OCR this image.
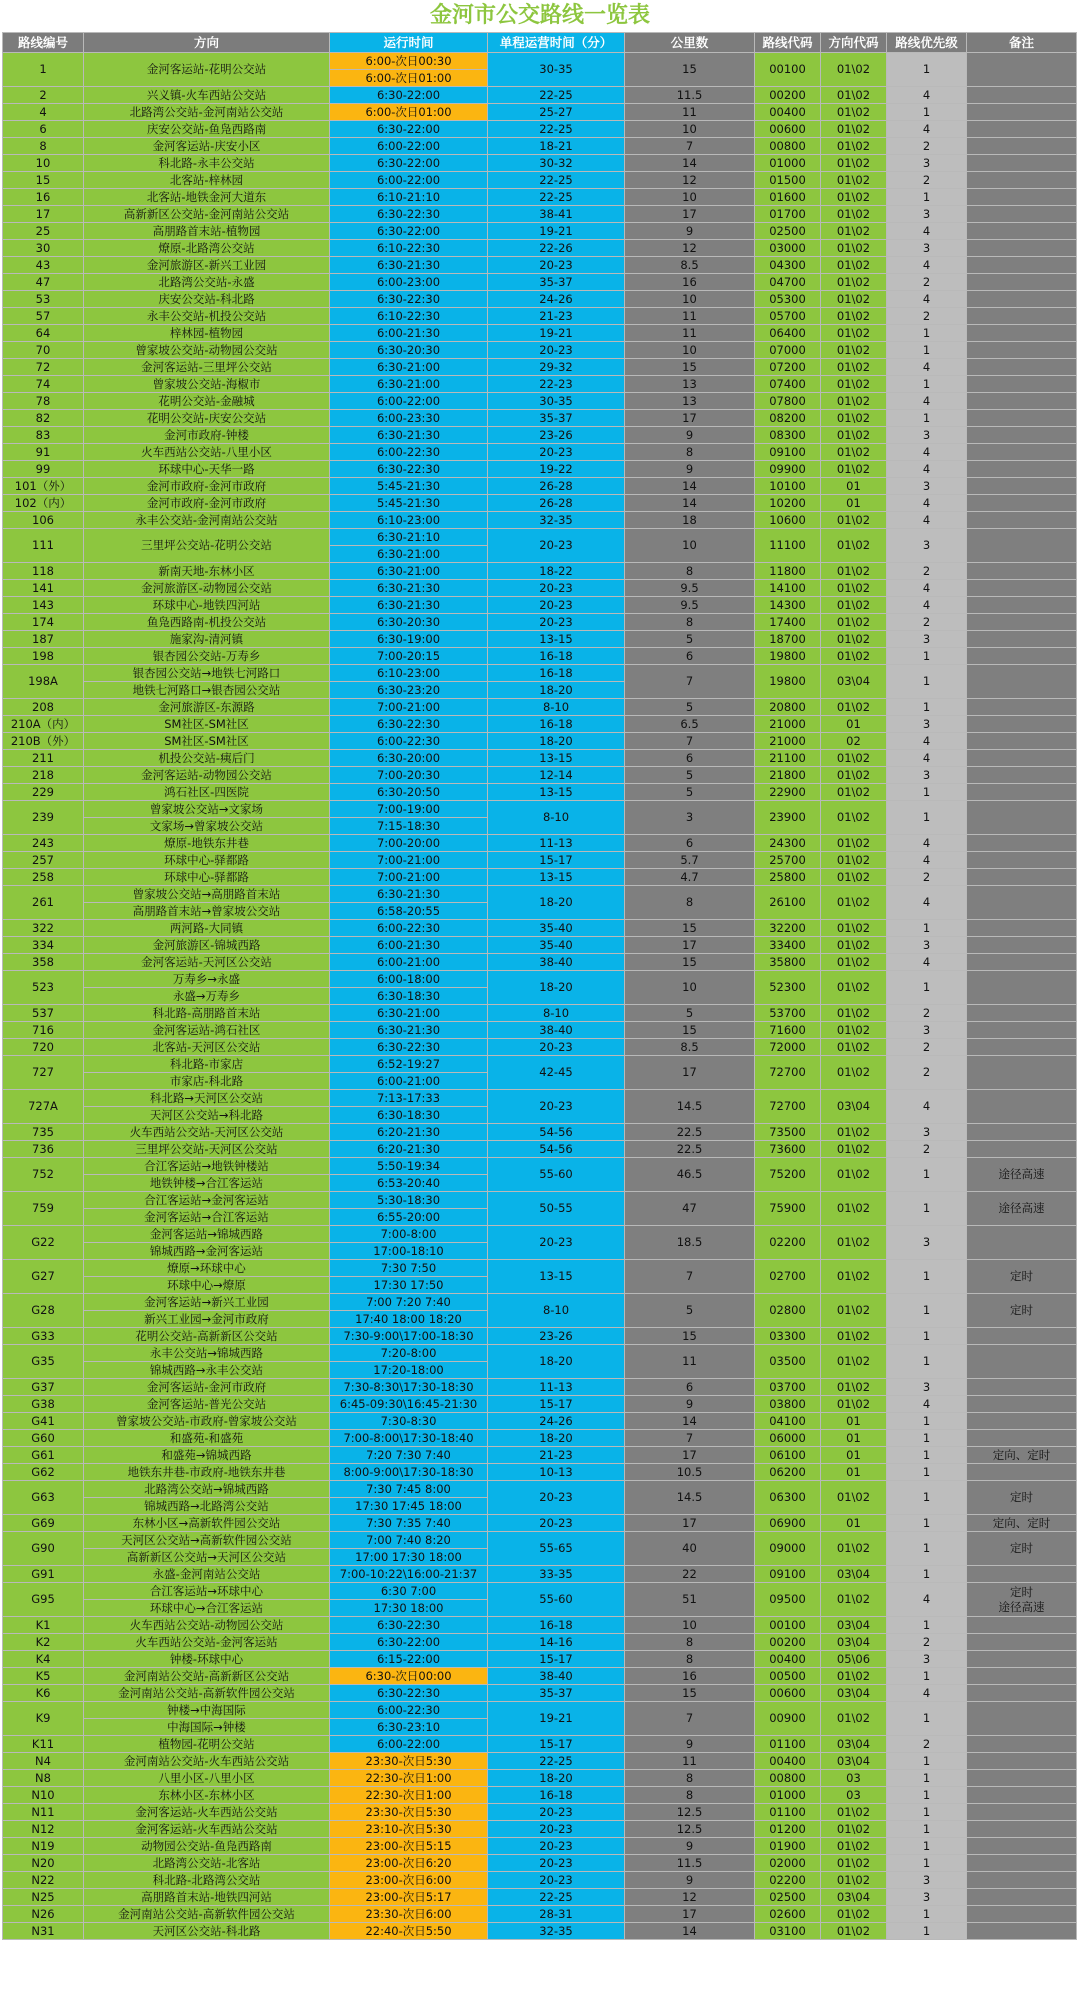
金河市公交路线一览表
路线编号	方向	运行时间	单程运营时间（分）	公里数	路线代码	方向代码	路线优先级	备注
1	金河客运站-花明公交站	6:00-次日00:30	30-35	15	00100	01\02	1	
		6:00-次日01:00						
2	兴义镇-火车西站公交站	6:30-22:00	22-25	11.5	00200	01\02	4	
4	北路湾公交站-金河南站公交站	6:00-次日01:00	25-27	11	00400	01\02	1	
6	庆安公交站-鱼凫西路南	6:30-22:00	22-25	10	00600	01\02	4	
8	金河客运站-庆安小区	6:00-22:00	18-21	7	00800	01\02	2	
10	科北路-永丰公交站	6:30-22:00	30-32	14	01000	01\02	3	
15	北客站-梓林园	6:00-22:00	22-25	12	01500	01\02	2	
16	北客站-地铁金河大道东	6:10-21:10	22-25	10	01600	01\02	1	
17	高新新区公交站-金河南站公交站	6:30-22:30	38-41	17	01700	01\02	3	
25	高朋路首末站-植物园	6:30-22:00	19-21	9	02500	01\02	4	
30	燎原-北路湾公交站	6:10-22:30	22-26	12	03000	01\02	3	
43	金河旅游区-新兴工业园	6:30-21:30	20-23	8.5	04300	01\02	4	
47	北路湾公交站-永盛	6:00-23:00	35-37	16	04700	01\02	2	
53	庆安公交站-科北路	6:30-22:30	24-26	10	05300	01\02	4	
57	永丰公交站-机投公交站	6:10-22:30	21-23	11	05700	01\02	2	
64	梓林园-植物园	6:00-21:30	19-21	11	06400	01\02	1	
70	曾家坡公交站-动物园公交站	6:30-20:30	20-23	10	07000	01\02	1	
72	金河客运站-三里坪公交站	6:30-21:00	29-32	15	07200	01\02	4	
74	曾家坡公交站-海椒市	6:30-21:00	22-23	13	07400	01\02	1	
78	花明公交站-金融城	6:00-22:00	30-35	13	07800	01\02	4	
82	花明公交站-庆安公交站	6:00-23:30	35-37	17	08200	01\02	1	
83	金河市政府-钟楼	6:30-21:30	23-26	9	08300	01\02	3	
91	火车西站公交站-八里小区	6:00-22:30	20-23	8	09100	01\02	4	
99	环球中心-天华一路	6:30-22:30	19-22	9	09900	01\02	4	
101（外）	金河市政府-金河市政府	5:45-21:30	26-28	14	10100	01	3	
102（内）	金河市政府-金河市政府	5:45-21:30	26-28	14	10200	01	4	
106	永丰公交站-金河南站公交站	6:10-23:00	32-35	18	10600	01\02	4	
111	三里坪公交站-花明公交站	6:30-21:10	20-23	10	11100	01\02	3	
		6:30-21:00						
118	新南天地-东林小区	6:30-21:00	18-22	8	11800	01\02	2	
141	金河旅游区-动物园公交站	6:30-21:30	20-23	9.5	14100	01\02	4	
143	环球中心-地铁四河站	6:30-21:30	20-23	9.5	14300	01\02	4	
174	鱼凫西路南-机投公交站	6:30-20:30	20-23	8	17400	01\02	2	
187	施家沟-清河镇	6:30-19:00	13-15	5	18700	01\02	3	
198	银杏园公交站-万寿乡	7:00-20:15	16-18	6	19800	01\02	1	
198A	银杏园公交站→地铁七河路口	6:10-23:00	16-18	7	19800	03\04	1	
	地铁七河路口→银杏园公交站	6:30-23:20	18-20					
208	金河旅游区-东源路	7:00-21:00	8-10	5	20800	01\02	1	
210A（内）	SM社区-SM社区	6:30-22:30	16-18	6.5	21000	01	3	
210B（外）	SM社区-SM社区	6:00-22:30	18-20	7	21000	02	4	
211	机投公交站-痍后门	6:30-20:00	13-15	6	21100	01\02	4	
218	金河客运站-动物园公交站	7:00-20:30	12-14	5	21800	01\02	3	
229	鸿石社区-四医院	6:30-20:50	13-15	5	22900	01\02	1	
239	曾家坡公交站→文家场	7:00-19:00	8-10	3	23900	01\02	1	
	文家场→曾家坡公交站	7:15-18:30						
243	燎原-地铁东井巷	7:00-20:00	11-13	6	24300	01\02	4	
257	环球中心-驿都路	7:00-21:00	15-17	5.7	25700	01\02	4	
258	环球中心-驿都路	7:00-21:00	13-15	4.7	25800	01\02	2	
261	曾家坡公交站→高朋路首末站	6:30-21:30	18-20	8	26100	01\02	4	
	高朋路首末站→曾家坡公交站	6:58-20:55						
322	两河路-大同镇	6:00-22:30	35-40	15	32200	01\02	1	
334	金河旅游区-锦城西路	6:00-21:30	35-40	17	33400	01\02	3	
358	金河客运站-天河区公交站	6:00-21:00	38-40	15	35800	01\02	4	
523	万寿乡→永盛	6:00-18:00	18-20	10	52300	01\02	1	
	永盛→万寿乡	6:30-18:30						
537	科北路-高朋路首末站	6:30-21:00	8-10	5	53700	01\02	2	
716	金河客运站-鸿石社区	6:30-21:30	38-40	15	71600	01\02	3	
720	北客站-天河区公交站	6:30-22:30	20-23	8.5	72000	01\02	2	
727	科北路-市家店	6:52-19:27	42-45	17	72700	01\02	2	
	市家店-科北路	6:00-21:00						
727A	科北路→天河区公交站	7:13-17:33	20-23	14.5	72700	03\04	4	
	天河区公交站→科北路	6:30-18:30						
735	火车西站公交站-天河区公交站	6:20-21:30	54-56	22.5	73500	01\02	3	
736	三里坪公交站-天河区公交站	6:20-21:30	54-56	22.5	73600	01\02	2	
752	合江客运站→地铁钟楼站	5:50-19:34	55-60	46.5	75200	01\02	1	途径高速

	地铁钟楼→合江客运站	6:53-20:40						
759	合江客运站→金河客运站	5:30-18:30	50-55	47	75900	01\02	1	途径高速

	金河客运站→合江客运站	6:55-20:00						
G22	金河客运站→锦城西路	7:00-8:00	20-23	18.5	02200	01\02	3	
	锦城西路→金河客运站	17:00-18:10						
G27	燎原→环球中心	7:30 7:50	13-15	7	02700	01\02	1	定时

	环球中心→燎原	17:30 17:50						
G28	金河客运站→新兴工业园	7:00 7:20 7:40	8-10	5	02800	01\02	1	定时

	新兴工业园→金河市政府	17:40 18:00 18:20						
G33	花明公交站-高新新区公交站	7:30-9:00\17:00-18:30	23-26	15	03300	01\02	1	
G35	永丰公交站→锦城西路	7:20-8:00	18-20	11	03500	01\02	1	
	锦城西路→永丰公交站	17:20-18:00						
G37	金河客运站-金河市政府	7:30-8:30\17:30-18:30	11-13	6	03700	01\02	3	
G38	金河客运站-普光公交站	6:45-09:30\16:45-21:30	15-17	9	03800	01\02	4	
G41	曾家坡公交站-市政府-曾家坡公交站	7:30-8:30	24-26	14	04100	01	1	
G60	和盛苑-和盛苑	7:00-8:00\17:30-18:40	18-20	7	06000	01	1	
G61	和盛苑→锦城西路	7:20 7:30 7:40	21-23	17	06100	01	1	定向、定时

G62	地铁东井巷-市政府-地铁东井巷	8:00-9:00\17:30-18:30	10-13	10.5	06200	01	1	
G63	北路湾公交站→锦城西路	7:30 7:45 8:00	20-23	14.5	06300	01\02	1	定时

	锦城西路→北路湾公交站	17:30 17:45 18:00						
G69	东林小区→高新软件园公交站	7:30 7:35 7:40	20-23	17	06900	01	1	定向、定时

G90	天河区公交站→高新软件园公交站	7:00 7:40 8:20	55-65	40	09000	01\02	1	定时

	高新新区公交站→天河区公交站	17:00 17:30 18:00						
G91	永盛-金河南站公交站	7:00-10:22\16:00-21:37	33-35	22	09100	03\04	1	
G95	合江客运站→环球中心	6:30 7:00	55-60	51	09500	01\02	4	定时
途径高速

	环球中心→合江客运站	17:30 18:00						
K1	火车西站公交站-动物园公交站	6:30-22:30	16-18	10	00100	03\04	1	
K2	火车西站公交站-金河客运站	6:30-22:00	14-16	8	00200	03\04	2	
K4	钟楼-环球中心	6:15-22:00	15-17	8	00400	05\06	3	
K5	金河南站公交站-高新新区公交站	6:30-次日00:00	38-40	16	00500	01\02	1	
K6	金河南站公交站-高新软件园公交站	6:30-22:30	35-37	15	00600	03\04	4	
K9	钟楼→中海国际	6:00-22:30	19-21	7	00900	01\02	1	
	中海国际→钟楼	6:30-23:10						
K11	植物园-花明公交站	6:00-22:00	15-17	9	01100	03\04	2	
N4	金河南站公交站-火车西站公交站	23:30-次日5:30	22-25	11	00400	03\04	1	
N8	八里小区-八里小区	22:30-次日1:00	18-20	8	00800	03	1	
N10	东林小区-东林小区	22:30-次日1:00	16-18	8	01000	03	1	
N11	金河客运站-火车西站公交站	23:30-次日5:30	20-23	12.5	01100	01\02	1	
N12	金河客运站-火车西站公交站	23:10-次日5:30	20-23	12.5	01200	01\02	1	
N19	动物园公交站-鱼凫西路南	23:00-次日5:15	20-23	9	01900	01\02	1	
N20	北路湾公交站-北客站	23:00-次日6:20	20-23	11.5	02000	01\02	1	
N22	科北路-北路湾公交站	23:00-次日6:00	20-23	9	02200	01\02	3	
N25	高朋路首末站-地铁四河站	23:00-次日5:17	22-25	12	02500	03\04	3	
N26	金河南站公交站-高新软件园公交站	23:30-次日6:00	28-31	17	02600	01\02	1	
N31	天河区公交站-科北路	22:40-次日5:50	32-35	14	03100	01\02	1	
@Vefans
